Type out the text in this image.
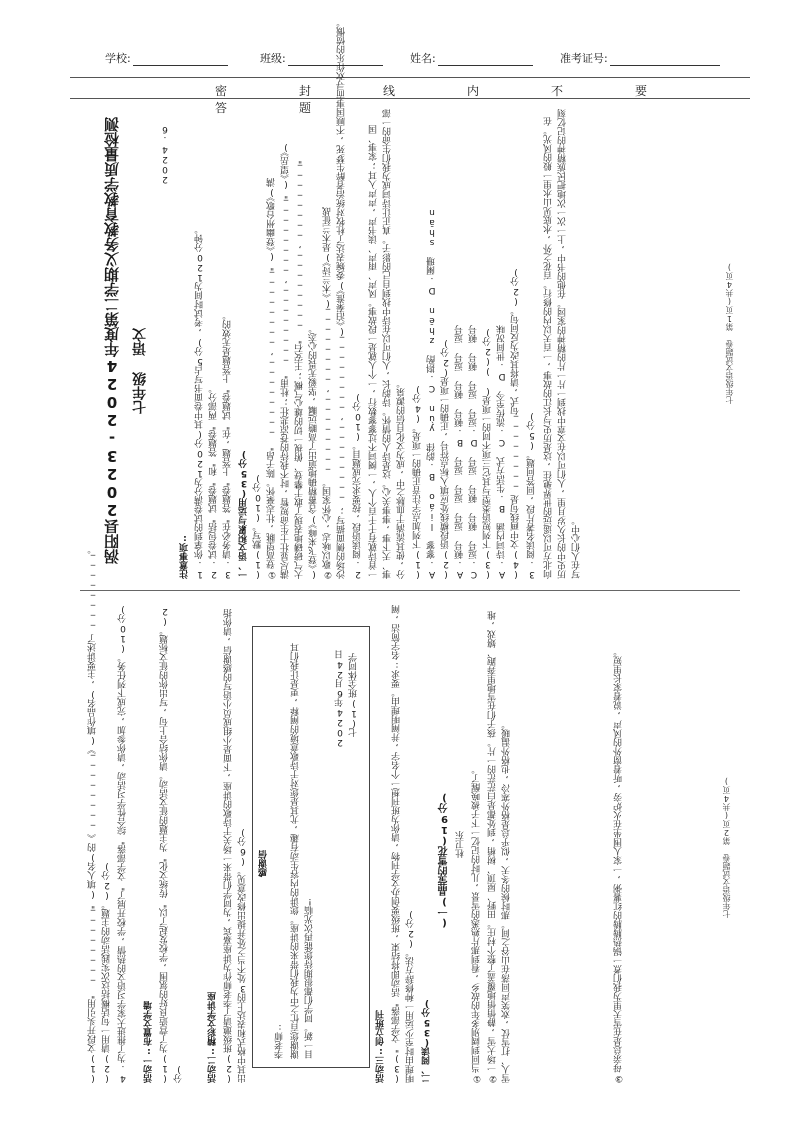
学校:	班级:	姓名:	准考证号:
密	封	线	内	不	要答	题
涡阳县2023-2024年度第二学期义务教育教学质量检测 七年级 语文
2024.6
注意事项: 1.你拿到的试卷满分为120分(其中卷面书写占5分),考试时间为120分钟。 2.试卷包括"试题卷"和"答题卷"两部分。 3.请务必在"答题卷"上答题,在"试题卷"上答题是无效的。 一、语文积累与运用(35分) (1)默写。(10分) ①登高望眺,壮志豪怀。陈子昂"________,________"(《登幽州台歌》)满 满尽显壮士生命短暂,时不我待的苍凉悲壮;杜甫"________,________"(《望岳》) 大气磅礴地表现了敢于攀登、俯视一切的雄心气概;王安石"________,________" (《登飞来峰》)含蓄精确地道出了高瞻远瞩,坚毅无畏的心态。 ②歌以咏志,心怀家国。________,________(《木兰诗》)是木兰征战 沙场的侧面描写;________,________(《泊秦淮》)委婉表达了杜牧对统治者醉生梦死,不顾国事而寻欢作乐的愤慨。 2.阅读语段,按要求完成题目。(10分) 一首诗就有千千百个人,一阕词不过寥寥数行,一个人就是一段故事。风声、雨声、读书声,声声入耳;家事、国事、天下事,事事关心。这是诗人的情怀。诗韵长,人们可以在诗中找到自己的影子。真正让诗词成为我们生命的一部分,使其流淌于血脉之中,成为文化自信的源泉。 (1)下列加点字注音正确的一项是。(4分) A.寥寥 liáo B.韵律 yùn C.斟酌 zhēn D.阑珊 shān (2)语段横线处应填入标点符号,正确的一项是(2分) A.顿号 逗号 逗号 逗号 B.顿号 顿号 逗号 逗号 C.逗号 顿号 顿号 逗号 D.逗号 逗号 顿号 顿号 (3)下列短语类型与其它三项不同的一项是( )(2分) A.诗词内涵 B.生活方式 C.流传至今 D.世间况味 (4)文中画线句是________句式,请将其改为反问句。(2分) 3.阅读名著片段,回答问题。(5分) 向北方可以遥远的世界驰往,这是历史与长江的故事,一百天以内的修行。百花之外,水底见山水里一般的风光。在历史中的长久岁月里,人们可以在文章中找到一片一片的精神的家园。在他的书中,上一次一次地把民族精神的记忆刻写在人们心中。
七年级语文试题卷 第1页(共4页)
(1)文段开头引用"________"(填人名)的《________》(填作品名),主要讲述了________。 (2)请用一句话概括这次实践活动的主题。(2分) 4.为了推进大家学习语文的热情,学校开展了"文学部落"综合性学习活动,请你参加,完成下列任务。(10分)	活动一:布置文学墙 (1)为了营造良好的氛围,学校发起了以"传统文化"为主题的征文活动。请你结合上句,写出你的征文标题。(2分)	活动二:精彩文学讲座 (2)班级邀请了李老师作为讲座嘉宾,为同学们带来一场关于诗歌的讲座,下面是小组成员小语写的感谢信,请你指出其中格式和表达上的3处不当之处并提出修改意见。(6分) 感谢信
李老师: 谢谢您百忙之中为我们带来的讲座。您讲的内容生动有趣,尤其是您对于诗歌意境的阐释,更是让我们耳目一新。同学们都很期待您能再次光临!
2024年6月24日 七(1)班全体同学
活动三:创立班刊 (3)"文学部落"活动即将结束,班级要创办文学刊物,请你为班刊想一个名字,并阐明理由。要求:名字简洁,阐明理由时至少运用一种修辞方法。(2分) 二、阅读(35分)
(一)晶莹的雪花(19分) 杜卫东 ①当回到阔别多年的故乡,看到那片熟悉的雪景,儿时的记忆一下子被唤醒了。 ②一场大雪,静悄悄地覆盖了整个村庄。田野、屋顶、树梢,到处都是白茫茫的一片。孩子们在雪地里奔跑、嬉戏,堆雪人、打雪仗,欢笑声回荡在山谷之间。那时候的冬天,似乎总是格外寒冷,也格外温暖。	③母亲总是在雪天里为我们煮一锅热腾腾的红薯粥,一家人围坐在火炉旁,听着窗外的风声,说着家长里短。	七年级语文试题卷 第2页(共4页)
